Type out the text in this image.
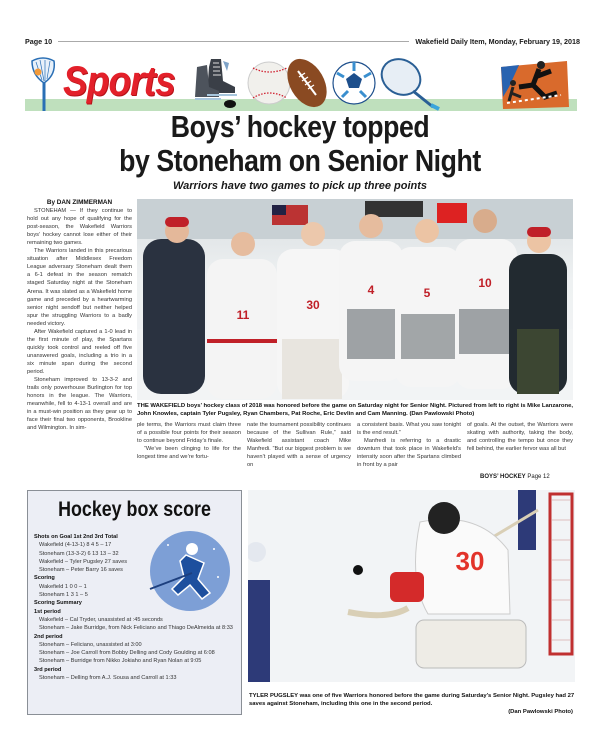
Page 10	Wakefield Daily Item, Monday, February 19, 2018
Sports
Boys’ hockey topped
by Stoneham on Senior Night
Warriors have two games to pick up three points
By DAN ZIMMERMAN

STONEHAM — If they continue to hold out any hope of qualifying for the post-season, the Wakefield Warriors boys’ hockey cannot lose either of their remaining two games.

The Warriors landed in this precarious situation after Middlesex Freedom League adversary Stoneham dealt them a 6-1 defeat in the season rematch staged Saturday night at the Stoneham Arena. It was slated as a Wakefield home game and preceded by a heartwarming senior night sendoff but neither helped spur the struggling Warriors to a badly needed victory.

After Wakefield captured a 1-0 lead in the first minute of play, the Spartans quickly took control and reeled off five unanswered goals, including a trio in a six minute span during the second period.

Stoneham improved to 13-3-2 and trails only powerhouse Burlington for top honors in the league. The Warriors, meanwhile, fell to 4-13-1 overall and are in a must-win position as they gear up to face their final two opponents, Brookline and Wilmington. In sim-

11
30
4	5
10
THE WAKEFIELD boys’ hockey class of 2018 was honored before the game on Saturday night for Senior Night. Pictured from left to right is Mike Lanzarone, John Knowles, captain Tyler Pugsley, Ryan Chambers, Pat Roche, Eric Devlin and Cam Manning. (Dan Pawlowski Photo)

ple terms, the Warriors must claim three of a possible four points for their season to continue beyond Friday’s finale.

“We’ve been clinging to life for the longest time and we’re fortu-

nate the tournament possibility continues because of the Sullivan Rule,” said Wakefield assistant coach Mike Manfredi. “But our biggest problem is we haven’t played with a sense of urgency on

a consistent basis. What you saw tonight is the end result.”

Manfredi is referring to a drastic downturn that took place in Wakefield’s intensity soon after the Spartans climbed in front by a pair

of goals. At the outset, the Warriors were skating with authority, taking the body, and controlling the tempo but once they fell behind, the earlier fervor was all but

BOYS’ HOCKEY Page 12
Hockey box score
Shots on Goal 1st 2nd 3rd Total
Wakefield (4-13-1) 8 4 5 – 17
Stoneham (13-3-2) 6 13 13 – 32
Wakefield – Tyler Pugsley 27 saves
Stoneham – Peter Barry 16 saves
Scoring
Wakefield 1 0 0 – 1
Stoneham 1 3 1 – 5
Scoring Summary
1st period
Wakefield – Cal Tryder, unassisted at :45 seconds
Stoneham – Jake Burridge, from Nick Feliciano and Thiago DeAlmeida at 8:33
2nd period
Stoneham – Feliciano, unassisted at 3:00
Stoneham – Joe Carroll from Bobby Delling and Cody Goulding at 6:08
Stoneham – Burridge from Nikko Jokiaho and Ryan Nolan at 9:05
3rd period
Stoneham – Delling from A.J. Sousa and Carroll at 1:33
30
TYLER PUGSLEY was one of five Warriors honored before the game during Saturday’s Senior Night. Pugsley had 27 saves against Stoneham, including this one in the second period.
(Dan Pawlowski Photo)
